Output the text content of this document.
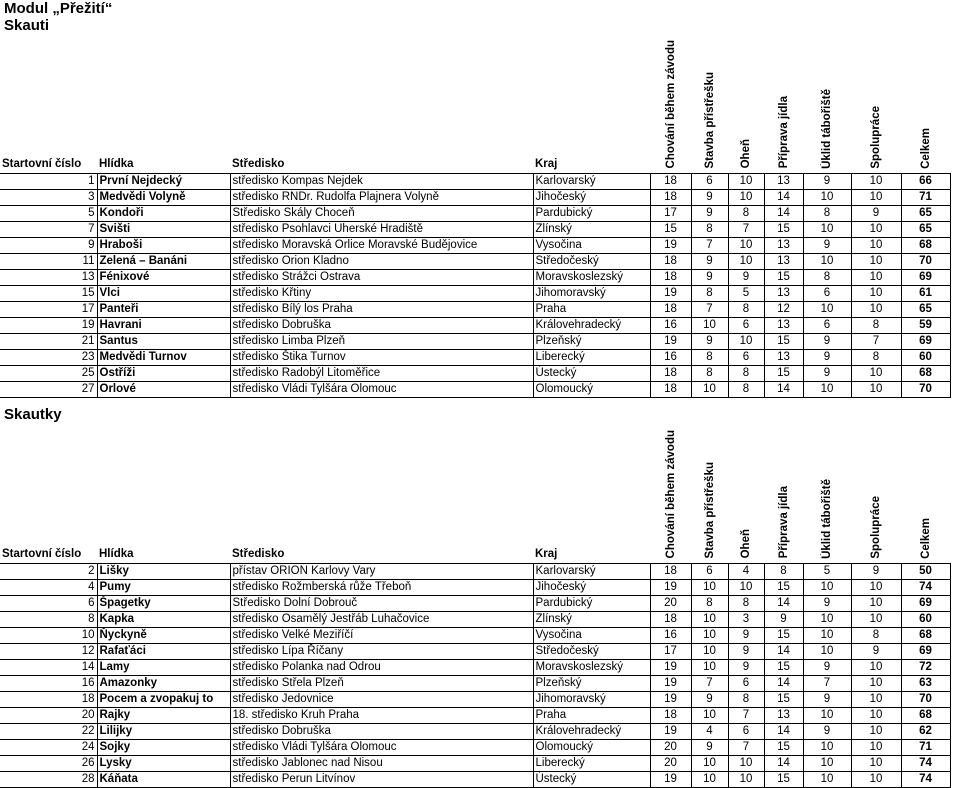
Modul „Přežití“
Skauti
Startovní číslo	Hlídka	Středisko	Kraj	Chování během závodu	Stavba přístřešku	Oheň	Příprava jídla	Úklid tábořiště	Spolupráce	Celkem
1	První Nejdecký	středisko Kompas Nejdek	Karlovarský	18	6	10	13	9	10	66
3	Medvědi Volyně	středisko RNDr. Rudolfa Plajnera Volyně	Jihočeský	18	9	10	14	10	10	71
5	Kondoři	Středisko Skály Choceň	Pardubický	17	9	8	14	8	9	65
7	Svišti	středisko Psohlavci Uherské Hradiště	Zlínský	15	8	7	15	10	10	65
9	Hraboši	středisko Moravská Orlice Moravské Budějovice	Vysočina	19	7	10	13	9	10	68
11	Zelená – Banáni	středisko Orion Kladno	Středočeský	18	9	10	13	10	10	70
13	Fénixové	středisko Strážci Ostrava	Moravskoslezský	18	9	9	15	8	10	69
15	Vlci	středisko Křtiny	Jihomoravský	19	8	5	13	6	10	61
17	Panteři	středisko Bílý los Praha	Praha	18	7	8	12	10	10	65
19	Havrani	středisko Dobruška	Královehradecký	16	10	6	13	6	8	59
21	Santus	středisko Limba Plzeň	Plzeňský	19	9	10	15	9	7	69
23	Medvědi Turnov	středisko Štika Turnov	Liberecký	16	8	6	13	9	8	60
25	Ostříži	středisko Radobýl Litoměřice	Ústecký	18	8	8	15	9	10	68
27	Orlové	středisko Vládi Tylšára Olomouc	Olomoucký	18	10	8	14	10	10	70
Skautky
Startovní číslo	Hlídka	Středisko	Kraj	Chování během závodu	Stavba přístřešku	Oheň	Příprava jídla	Úklid tábořiště	Spolupráce	Celkem
2	Lišky	přístav ORION Karlovy Vary	Karlovarský	18	6	4	8	5	9	50
4	Pumy	středisko Rožmberská růže Třeboň	Jihočeský	19	10	10	15	10	10	74
6	Špagetky	Středisko Dolní Dobrouč	Pardubický	20	8	8	14	9	10	69
8	Kapka	středisko Osamělý Jestřáb Luhačovice	Zlínský	18	10	3	9	10	10	60
10	Ňyckyně	středisko Velké Meziříčí	Vysočina	16	10	9	15	10	8	68
12	Rafaťáci	středisko Lípa Říčany	Středočeský	17	10	9	14	10	9	69
14	Lamy	středisko Polanka nad Odrou	Moravskoslezský	19	10	9	15	9	10	72
16	Amazonky	středisko Střela Plzeň	Plzeňský	19	7	6	14	7	10	63
18	Pocem a zvopakuj to	středisko Jedovnice	Jihomoravský	19	9	8	15	9	10	70
20	Rajky	18. středisko Kruh Praha	Praha	18	10	7	13	10	10	68
22	Lilijky	středisko Dobruška	Královehradecký	19	4	6	14	9	10	62
24	Sojky	středisko Vládi Tylšára Olomouc	Olomoucký	20	9	7	15	10	10	71
26	Lysky	středisko Jablonec nad Nisou	Liberecký	20	10	10	14	10	10	74
28	Káňata	středisko Perun Litvínov	Ústecký	19	10	10	15	10	10	74
